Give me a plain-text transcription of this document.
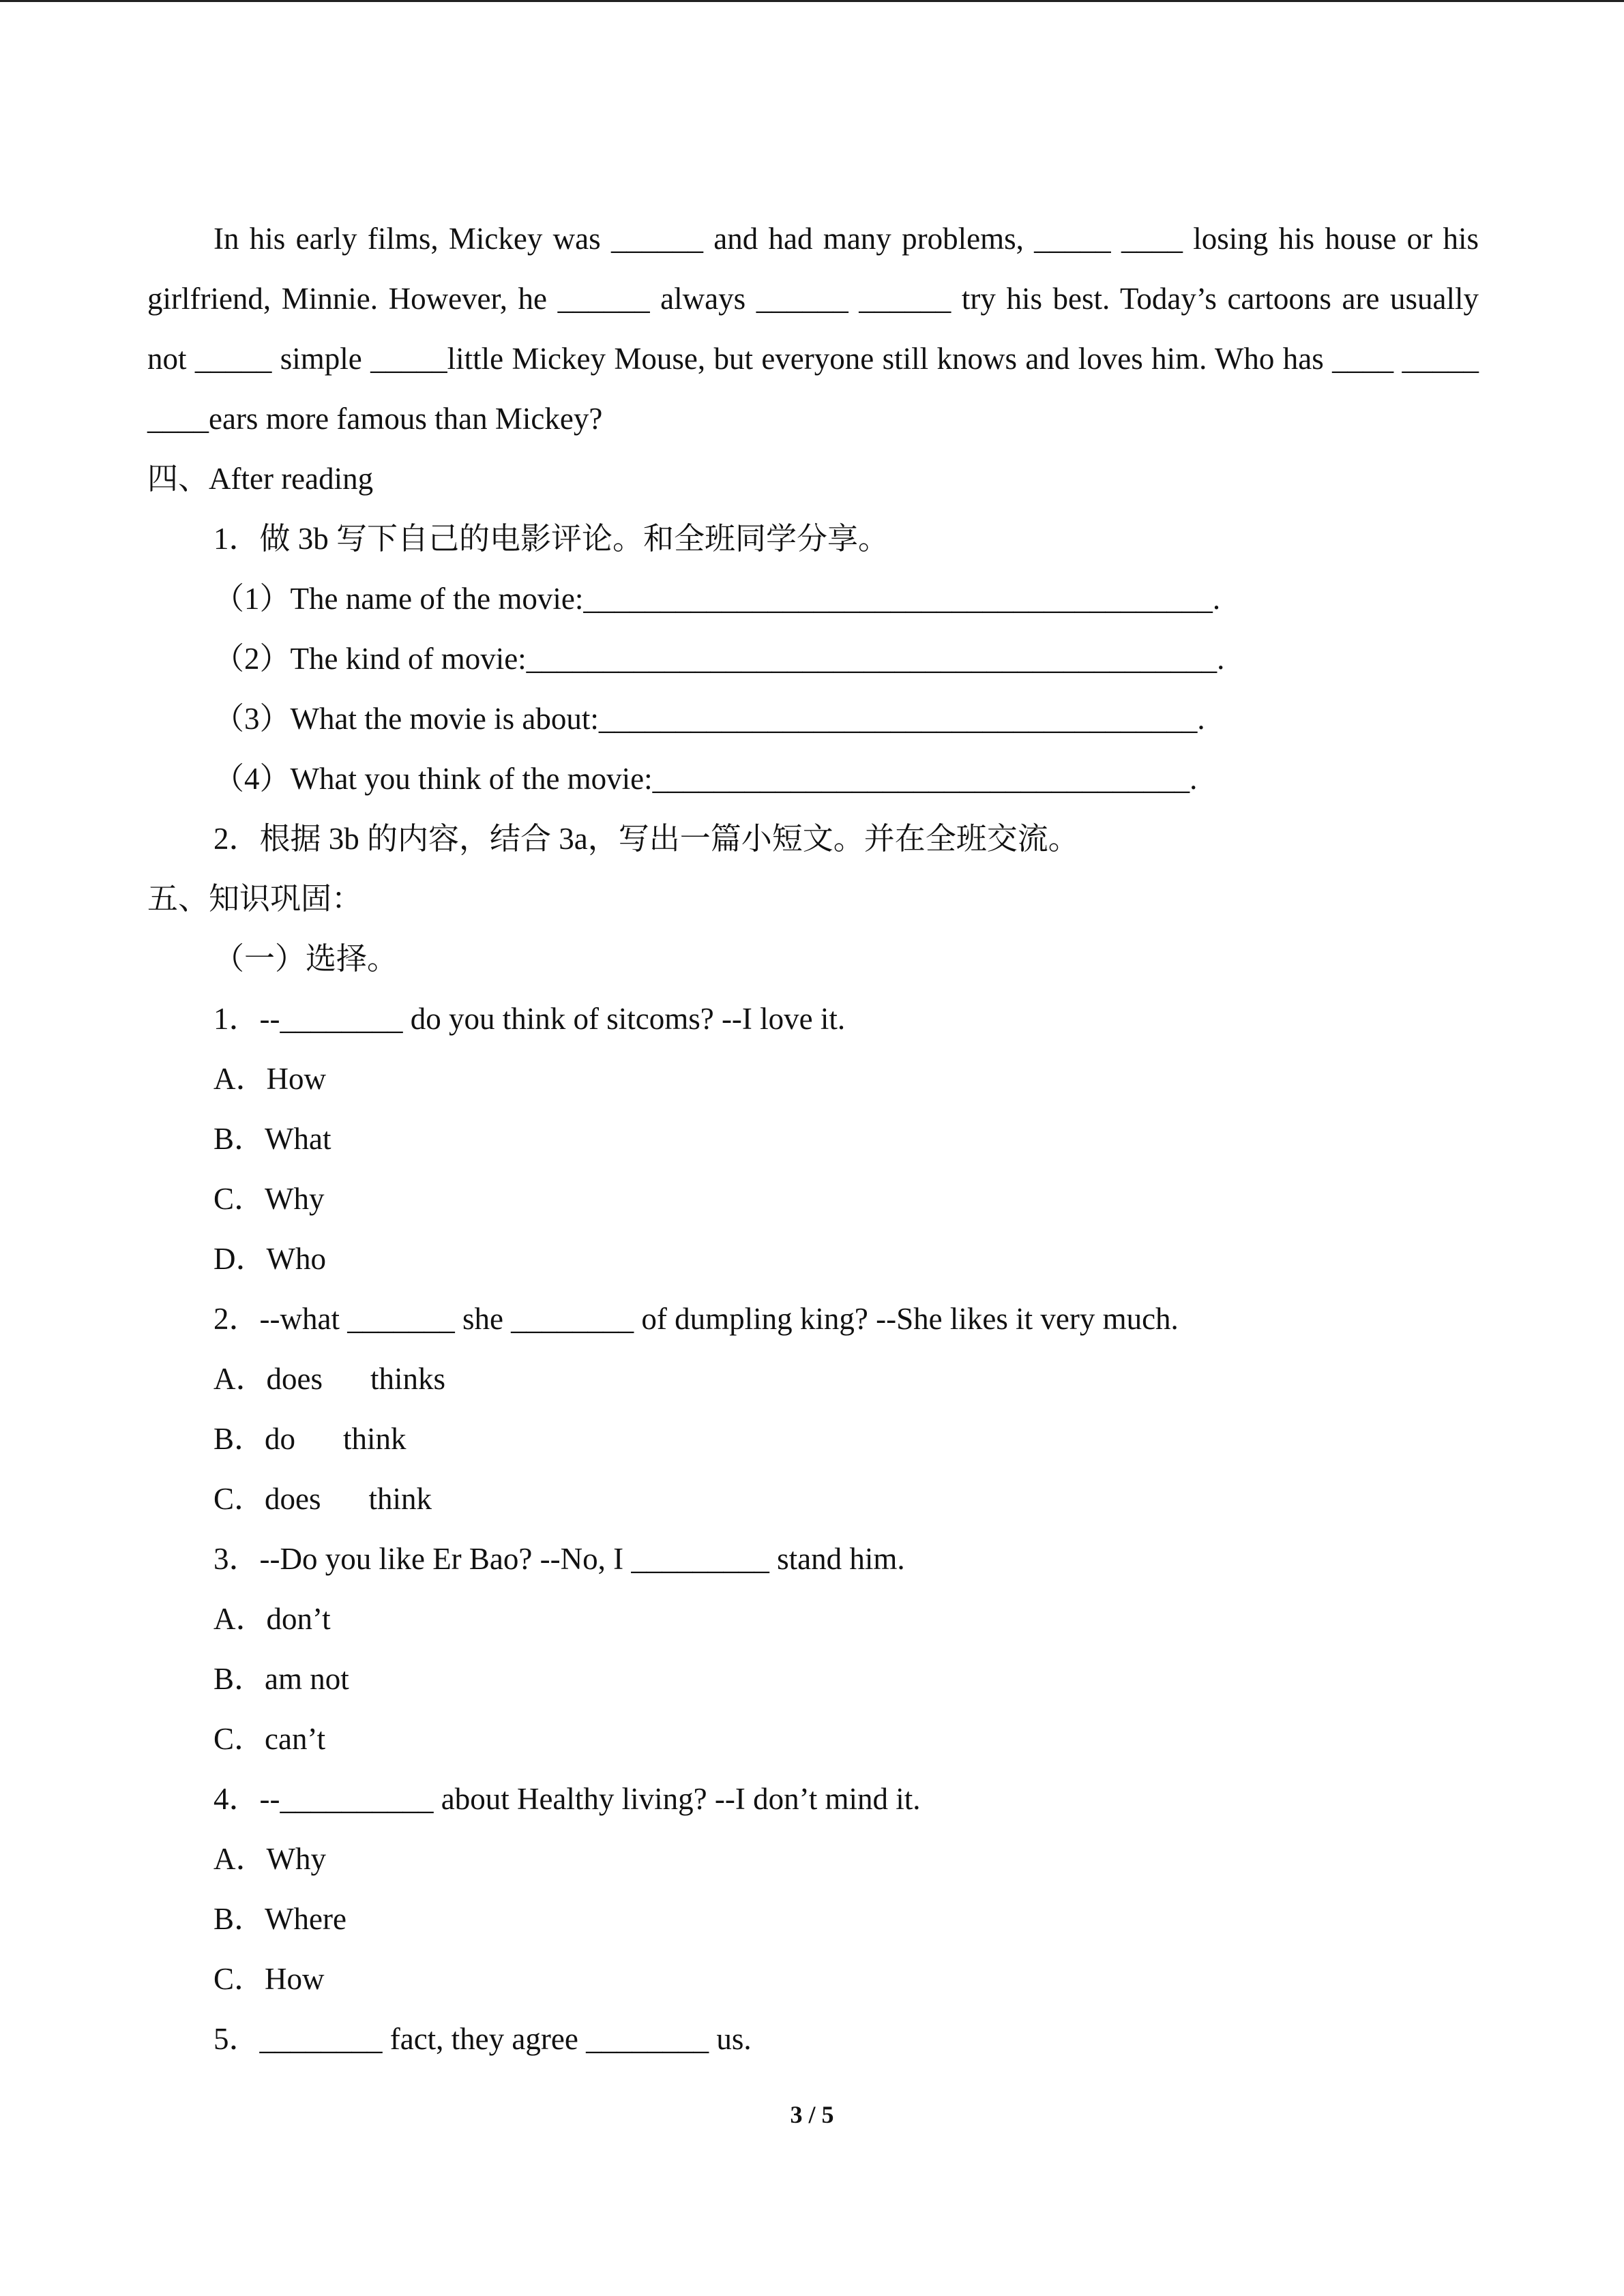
In his early films, Mickey was ______ and had many problems, _____ ____ losing his house or his girlfriend, Minnie. However, he ______ always ______ ______ try his best. Today’s cartoons are usually not _____ simple _____little Mickey Mouse, but everyone still knows and loves him. Who has ____ _____ ____ears more famous than Mickey?

四、After reading

1．做 3b 写下自己的电影评论。和全班同学分享。

（1）The name of the movie:_________________________________________.

（2）The kind of movie:_____________________________________________.

（3）What the movie is about:_______________________________________.

（4）What you think of the movie:___________________________________.

2．根据 3b 的内容，结合 3a，写出一篇小短文。并在全班交流。

五、知识巩固：

（一）选择。

1．--________ do you think of sitcoms? --I love it.

A．How

B．What

C．Why

D．Who

2．--what _______ she ________ of dumpling king? --She likes it very much.

A．does thinks

B．do think

C．does think

3．--Do you like Er Bao? --No, I _________ stand him.

A．don’t

B．am not

C．can’t

4．--__________ about Healthy living? --I don’t mind it.

A．Why

B．Where

C．How

5．________ fact, they agree ________ us.

3 / 5
